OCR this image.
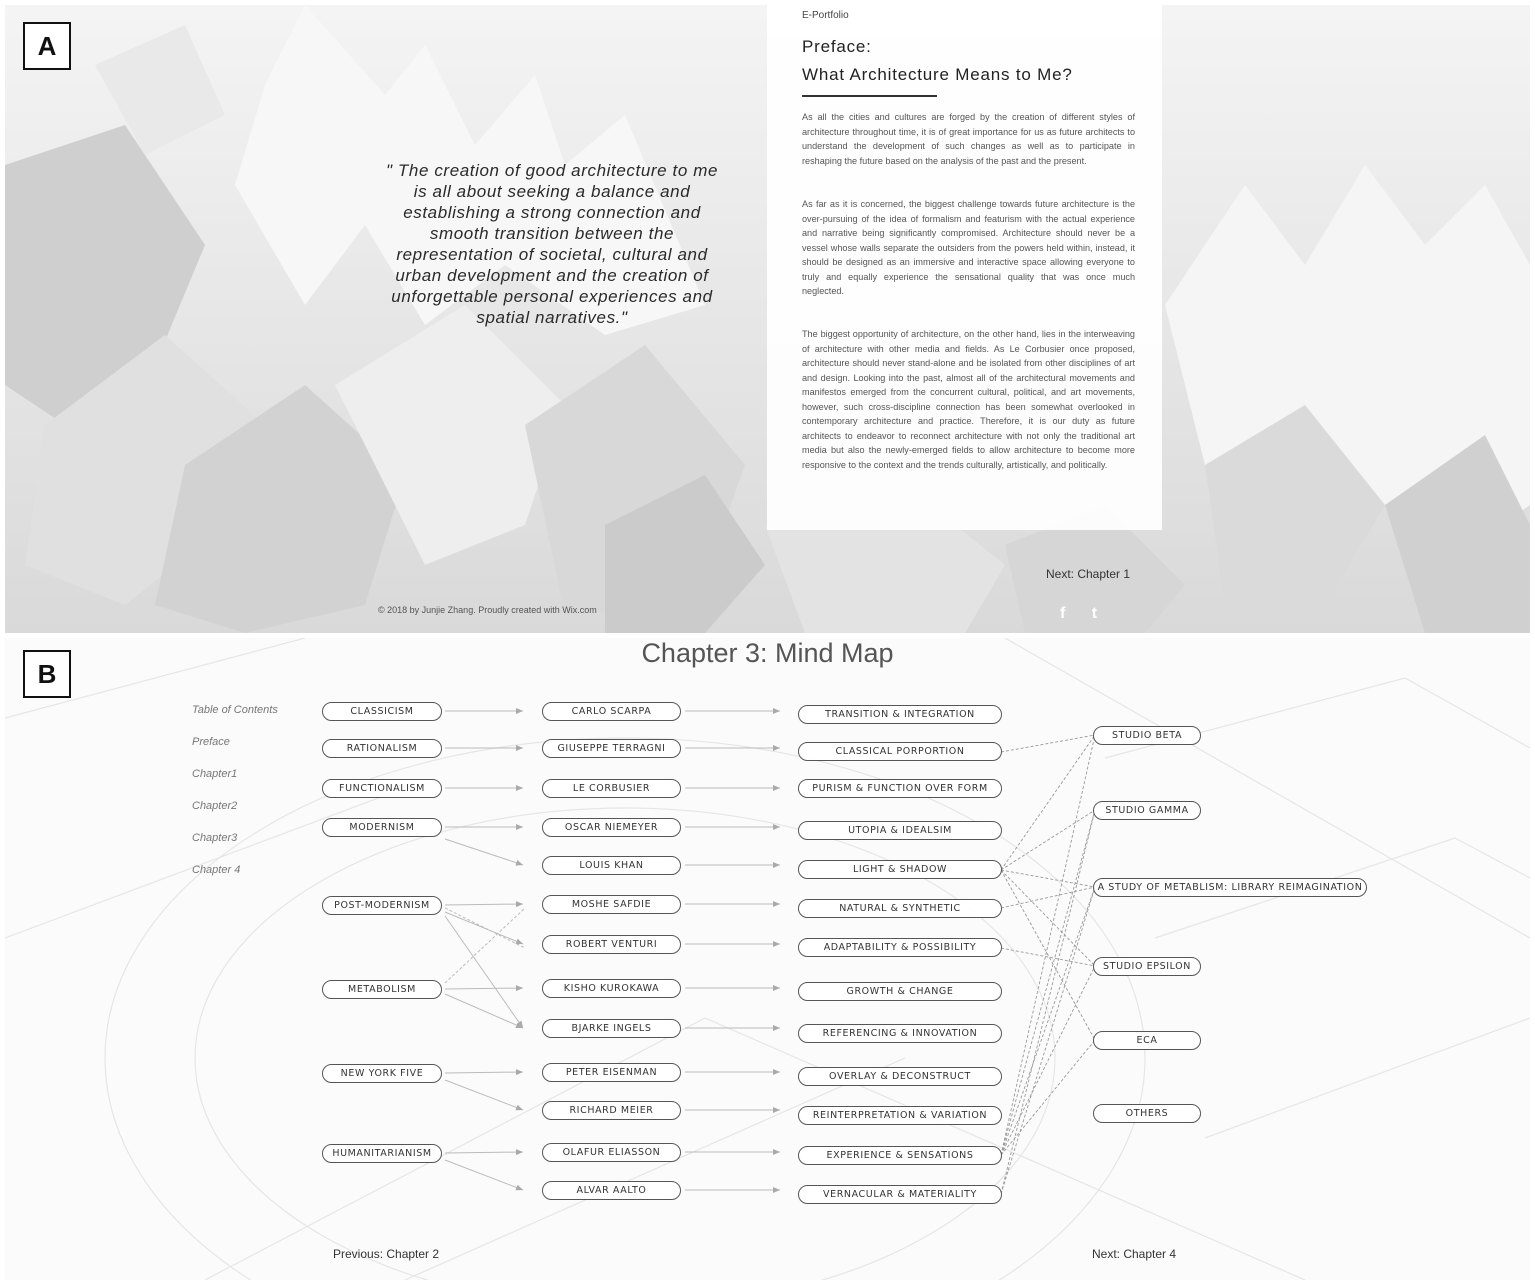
A
" The creation of good architecture to me is all about seeking a balance and establishing a strong connection and smooth transition between the representation of societal, cultural and urban development and the creation of unforgettable personal experiences and spatial narratives."
E-Portfolio
Preface:
What Architecture Means to Me?

As all the cities and cultures are forged by the creation of different styles of architecture throughout time, it is of great importance for us as future architects to understand the development of such changes as well as to participate in reshaping the future based on the analysis of the past and the present.

As far as it is concerned, the biggest challenge towards future architecture is the over-pursuing of the idea of formalism and featurism with the actual experience and narrative being significantly compromised. Architecture should never be a vessel whose walls separate the outsiders from the powers held within, instead, it should be designed as an immersive and interactive space allowing everyone to truly and equally experience the sensational quality that was once much neglected.

The biggest opportunity of architecture, on the other hand, lies in the interweaving of architecture with other media and fields. As Le Corbusier once proposed, architecture should never stand-alone and be isolated from other disciplines of art and design. Looking into the past, almost all of the architectural movements and manifestos emerged from the concurrent cultural, political, and art movements, however, such cross-discipline connection has been somewhat overlooked in contemporary architecture and practice. Therefore, it is our duty as future architects to endeavor to reconnect architecture with not only the traditional art media but also the newly-emerged fields to allow architecture to become more responsive to the context and the trends culturally, artistically, and politically.

© 2018 by Junjie Zhang. Proudly created with Wix.com
Next: Chapter 1
f t
B
Chapter 3: Mind Map
Table of Contents
Preface
Chapter1
Chapter2
Chapter3
Chapter 4
CLASSICISM
RATIONALISM
FUNCTIONALISM
MODERNISM
POST-MODERNISM
METABOLISM
NEW YORK FIVE
HUMANITARIANISM
CARLO SCARPA
GIUSEPPE TERRAGNI
LE CORBUSIER
OSCAR NIEMEYER
LOUIS KHAN
MOSHE SAFDIE
ROBERT VENTURI
KISHO KUROKAWA
BJARKE INGELS
PETER EISENMAN
RICHARD MEIER
OLAFUR ELIASSON
ALVAR AALTO
TRANSITION & INTEGRATION
CLASSICAL PORPORTION
PURISM & FUNCTION OVER FORM
UTOPIA & IDEALSIM
LIGHT & SHADOW
NATURAL & SYNTHETIC
ADAPTABILITY & POSSIBILITY
GROWTH & CHANGE
REFERENCING & INNOVATION
OVERLAY & DECONSTRUCT
REINTERPRETATION & VARIATION
EXPERIENCE & SENSATIONS
VERNACULAR & MATERIALITY
STUDIO BETA
STUDIO GAMMA
A STUDY OF METABLISM: LIBRARY REIMAGINATION
STUDIO EPSILON
ECA
OTHERS
Previous: Chapter 2	Next: Chapter 4
